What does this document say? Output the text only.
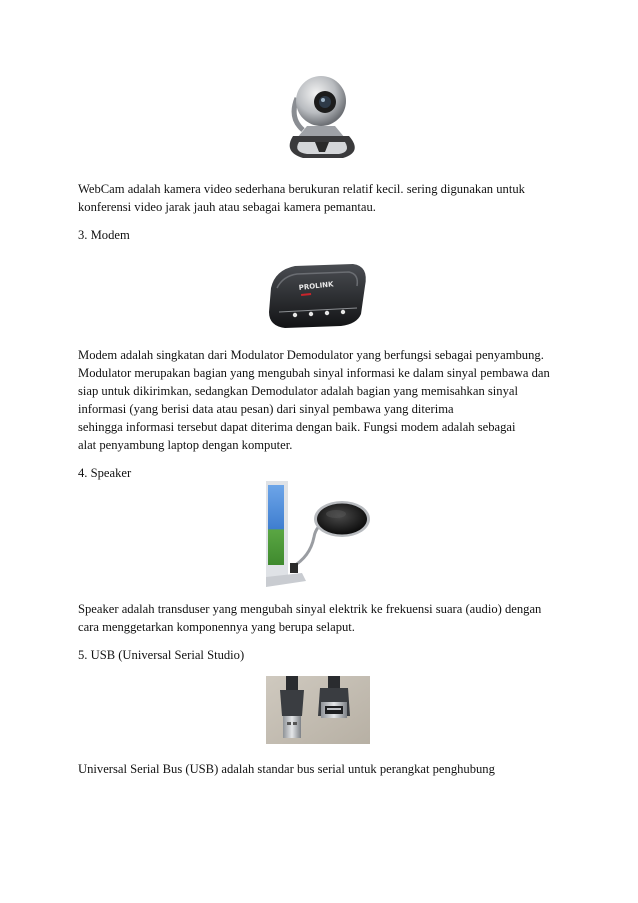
WebCam adalah kamera video sederhana berukuran relatif kecil. sering digunakan untuk
konferensi video jarak jauh atau sebagai kamera pemantau.

3. Modem

PROLINK

Modem adalah singkatan dari Modulator Demodulator yang berfungsi sebagai penyambung.
Modulator merupakan bagian yang mengubah sinyal informasi ke dalam sinyal pembawa dan
siap untuk dikirimkan, sedangkan Demodulator adalah bagian yang memisahkan sinyal
informasi (yang berisi data atau pesan) dari sinyal pembawa yang diterima
sehingga informasi tersebut dapat diterima dengan baik. Fungsi modem adalah sebagai
alat penyambung laptop dengan komputer.

4. Speaker

Speaker adalah transduser yang mengubah sinyal elektrik ke frekuensi suara (audio) dengan
cara menggetarkan komponennya yang berupa selaput.

5. USB (Universal Serial Studio)

Universal Serial Bus (USB) adalah standar bus serial untuk perangkat penghubung
